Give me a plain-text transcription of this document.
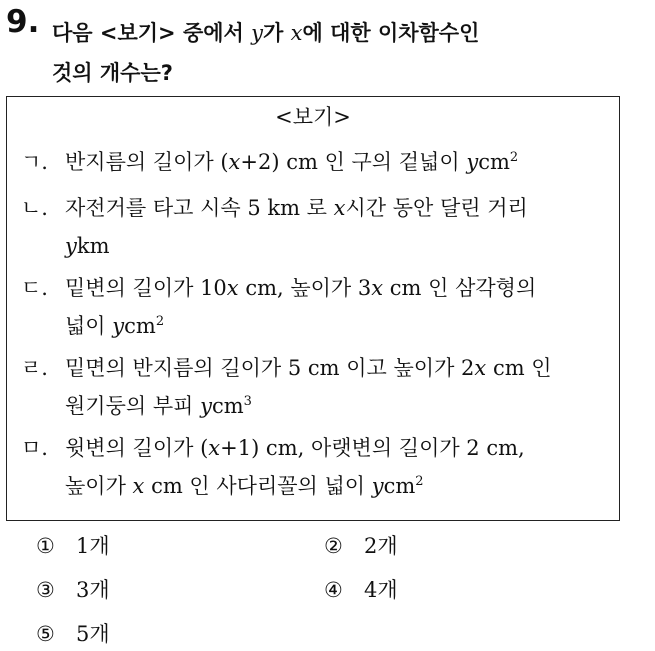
9. 다음 <보기> 중에서 y가 x에 대한 이차함수인
것의 개수는?
<보기>
ㄱ. 반지름의 길이가 (x+2) cm 인 구의 겉넓이 ycm$^2$
ㄴ. 자전거를 타고 시속 5 km 로 x시간 동안 달린 거리
ykm
ㄷ. 밑변의 길이가 10x cm, 높이가 3x cm 인 삼각형의
넓이 ycm$^2$
ㄹ. 밑면의 반지름의 길이가 5 cm 이고 높이가 2x cm 인
원기둥의 부피 ycm$^3$
ㅁ. 윗변의 길이가 (x+1) cm, 아랫변의 길이가 2 cm,
높이가 x cm 인 사다리꼴의 넓이 ycm$^2$
① 1개	② 2개
③ 3개	④ 4개
⑤ 5개
